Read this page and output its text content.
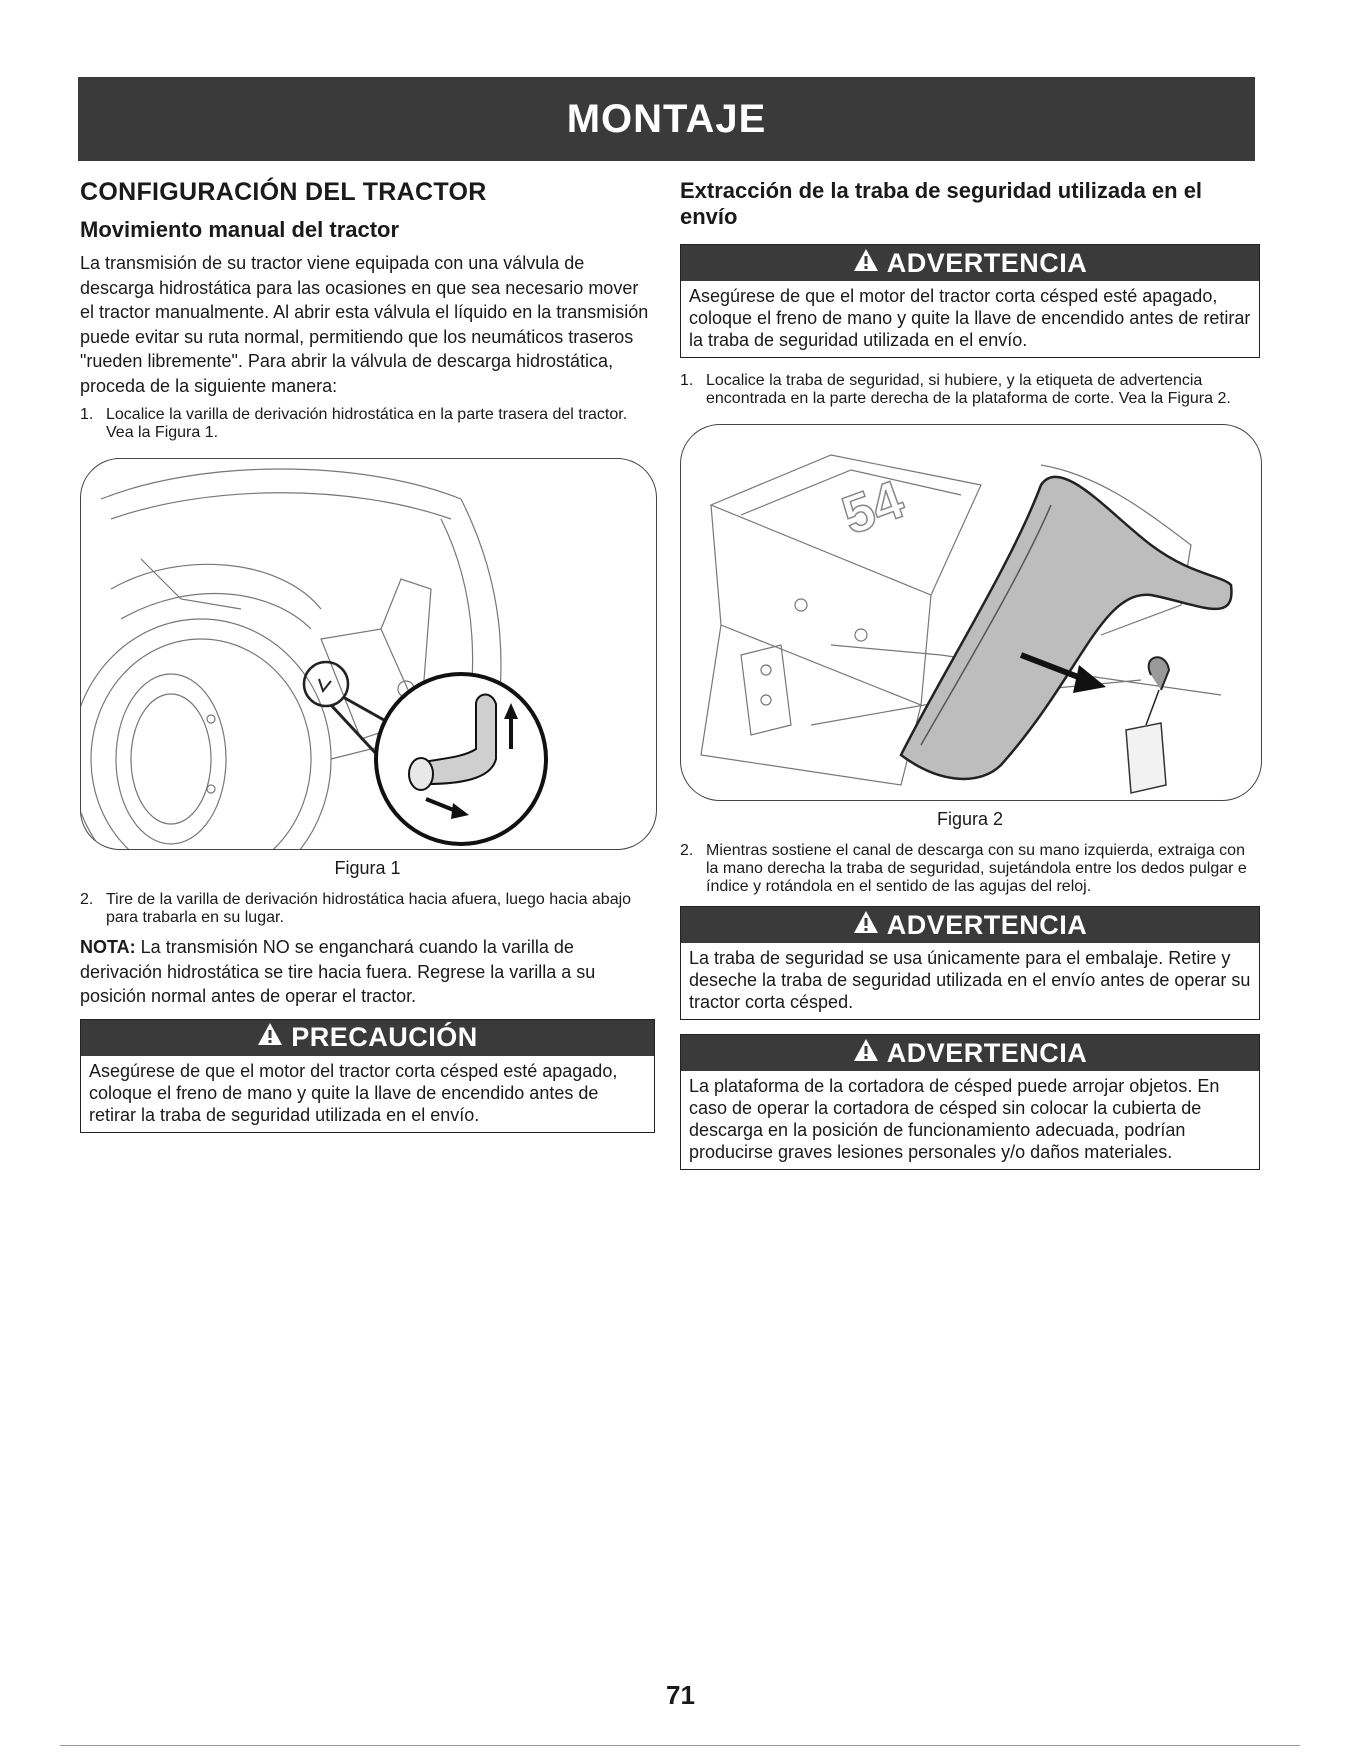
MONTAJE
CONFIGURACIÓN DEL TRACTOR
Movimiento manual del tractor

La transmisión de su tractor viene equipada con una válvula de descarga hidrostática para las ocasiones en que sea necesario mover el tractor manualmente. Al abrir esta válvula el líquido en la transmisión puede evitar su ruta normal, permitiendo que los neumáticos traseros "rueden libremente". Para abrir la válvula de descarga hidrostática, proceda de la siguiente manera:

1. Localice la varilla de derivación hidrostática en la parte trasera del tractor. Vea la Figura 1.
Figura 1
2. Tire de la varilla de derivación hidrostática hacia afuera, luego hacia abajo para trabarla en su lugar.

NOTA: La transmisión NO se enganchará cuando la varilla de derivación hidrostática se tire hacia fuera. Regrese la varilla a su posición normal antes de operar el tractor.

PRECAUCIÓN
Asegúrese de que el motor del tractor corta césped esté apagado, coloque el freno de mano y quite la llave de encendido antes de retirar la traba de seguridad utilizada en el envío.
Extracción de la traba de seguridad utilizada en el envío
ADVERTENCIA
Asegúrese de que el motor del tractor corta césped esté apagado, coloque el freno de mano y quite la llave de encendido antes de retirar la traba de seguridad utilizada en el envío.
1. Localice la traba de seguridad, si hubiere, y la etiqueta de advertencia encontrada en la parte derecha de la plataforma de corte. Vea la Figura 2.
54
Figura 2
2. Mientras sostiene el canal de descarga con su mano izquierda, extraiga con la mano derecha la traba de seguridad, sujetándola entre los dedos pulgar e índice y rotándola en el sentido de las agujas del reloj.
ADVERTENCIA
La traba de seguridad se usa únicamente para el embalaje. Retire y deseche la traba de seguridad utilizada en el envío antes de operar su tractor corta césped.
ADVERTENCIA
La plataforma de la cortadora de césped puede arrojar objetos. En caso de operar la cortadora de césped sin colocar la cubierta de descarga en la posición de funcionamiento adecuada, podrían producirse graves lesiones personales y/o daños materiales.
71
